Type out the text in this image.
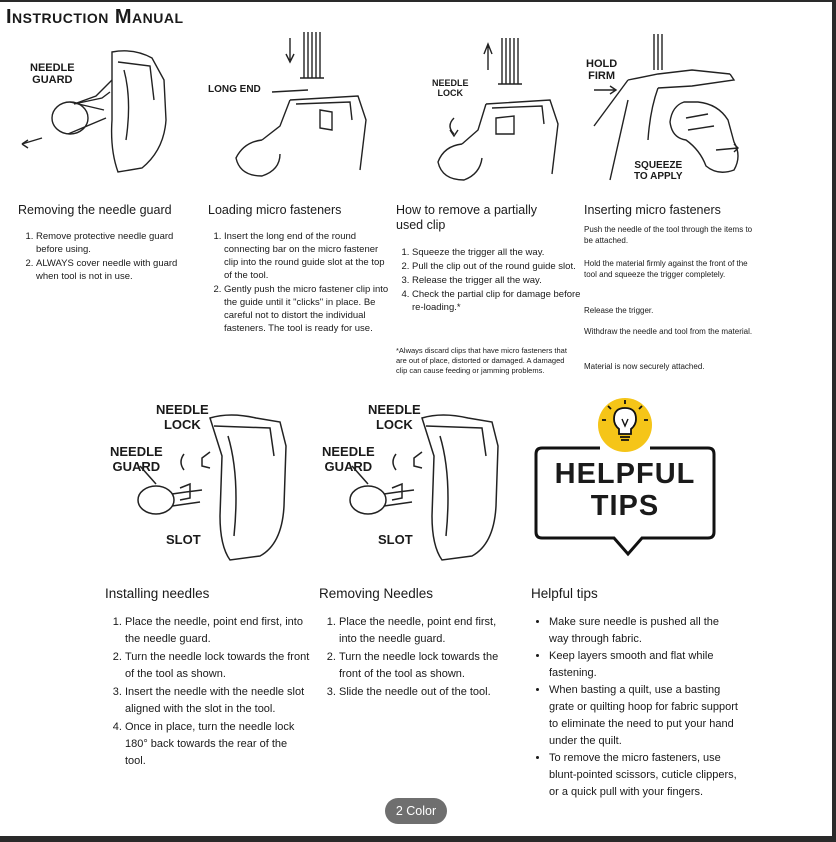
Instruction Manual
NEEDLE
GUARD
LONG END
NEEDLE
LOCK
HOLD
FIRM
SQUEEZE
TO APPLY
Removing the needle guard
1. Remove protective needle guard before using.
2. ALWAYS cover needle with guard when tool is not in use.
Loading micro fasteners
1. Insert the long end of the round connecting bar on the micro fastener clip into the round guide slot at the top of the tool.
2. Gently push the micro fastener clip into the guide until it "clicks" in place. Be careful not to distort the individual fasteners. The tool is ready for use.
How to remove a partially used clip
1. Squeeze the trigger all the way.
2. Pull the clip out of the round guide slot.
3. Release the trigger all the way.
4. Check the partial clip for damage before re-loading.*
*Always discard clips that have micro fasteners that are out of place, distorted or damaged. A damaged clip can cause feeding or jamming problems.
Inserting micro fasteners
Push the needle of the tool through the items to be attached.
Hold the material firmly against the front of the tool and squeeze the trigger completely.
Release the trigger.
Withdraw the needle and tool from the material.
Material is now securely attached.
NEEDLE
LOCK
NEEDLE
GUARD
SLOT
NEEDLE
LOCK
NEEDLE
GUARD
SLOT
HELPFUL
TIPS
Installing needles
1. Place the needle, point end first, into the needle guard.
2. Turn the needle lock towards the front of the tool as shown.
3. Insert the needle with the needle slot aligned with the slot in the tool.
4. Once in place, turn the needle lock 180° back towards the rear of the tool.
Removing Needles
1. Place the needle, point end first, into the needle guard.
2. Turn the needle lock towards the front of the tool as shown.
3. Slide the needle out of the tool.
Helpful tips
• Make sure needle is pushed all the way through fabric.
• Keep layers smooth and flat while fastening.
• When basting a quilt, use a basting grate or quilting hoop for fabric support to eliminate the need to put your hand under the quilt.
• To remove the micro fasteners, use blunt-pointed scissors, cuticle clippers, or a quick pull with your fingers.
2 Color
